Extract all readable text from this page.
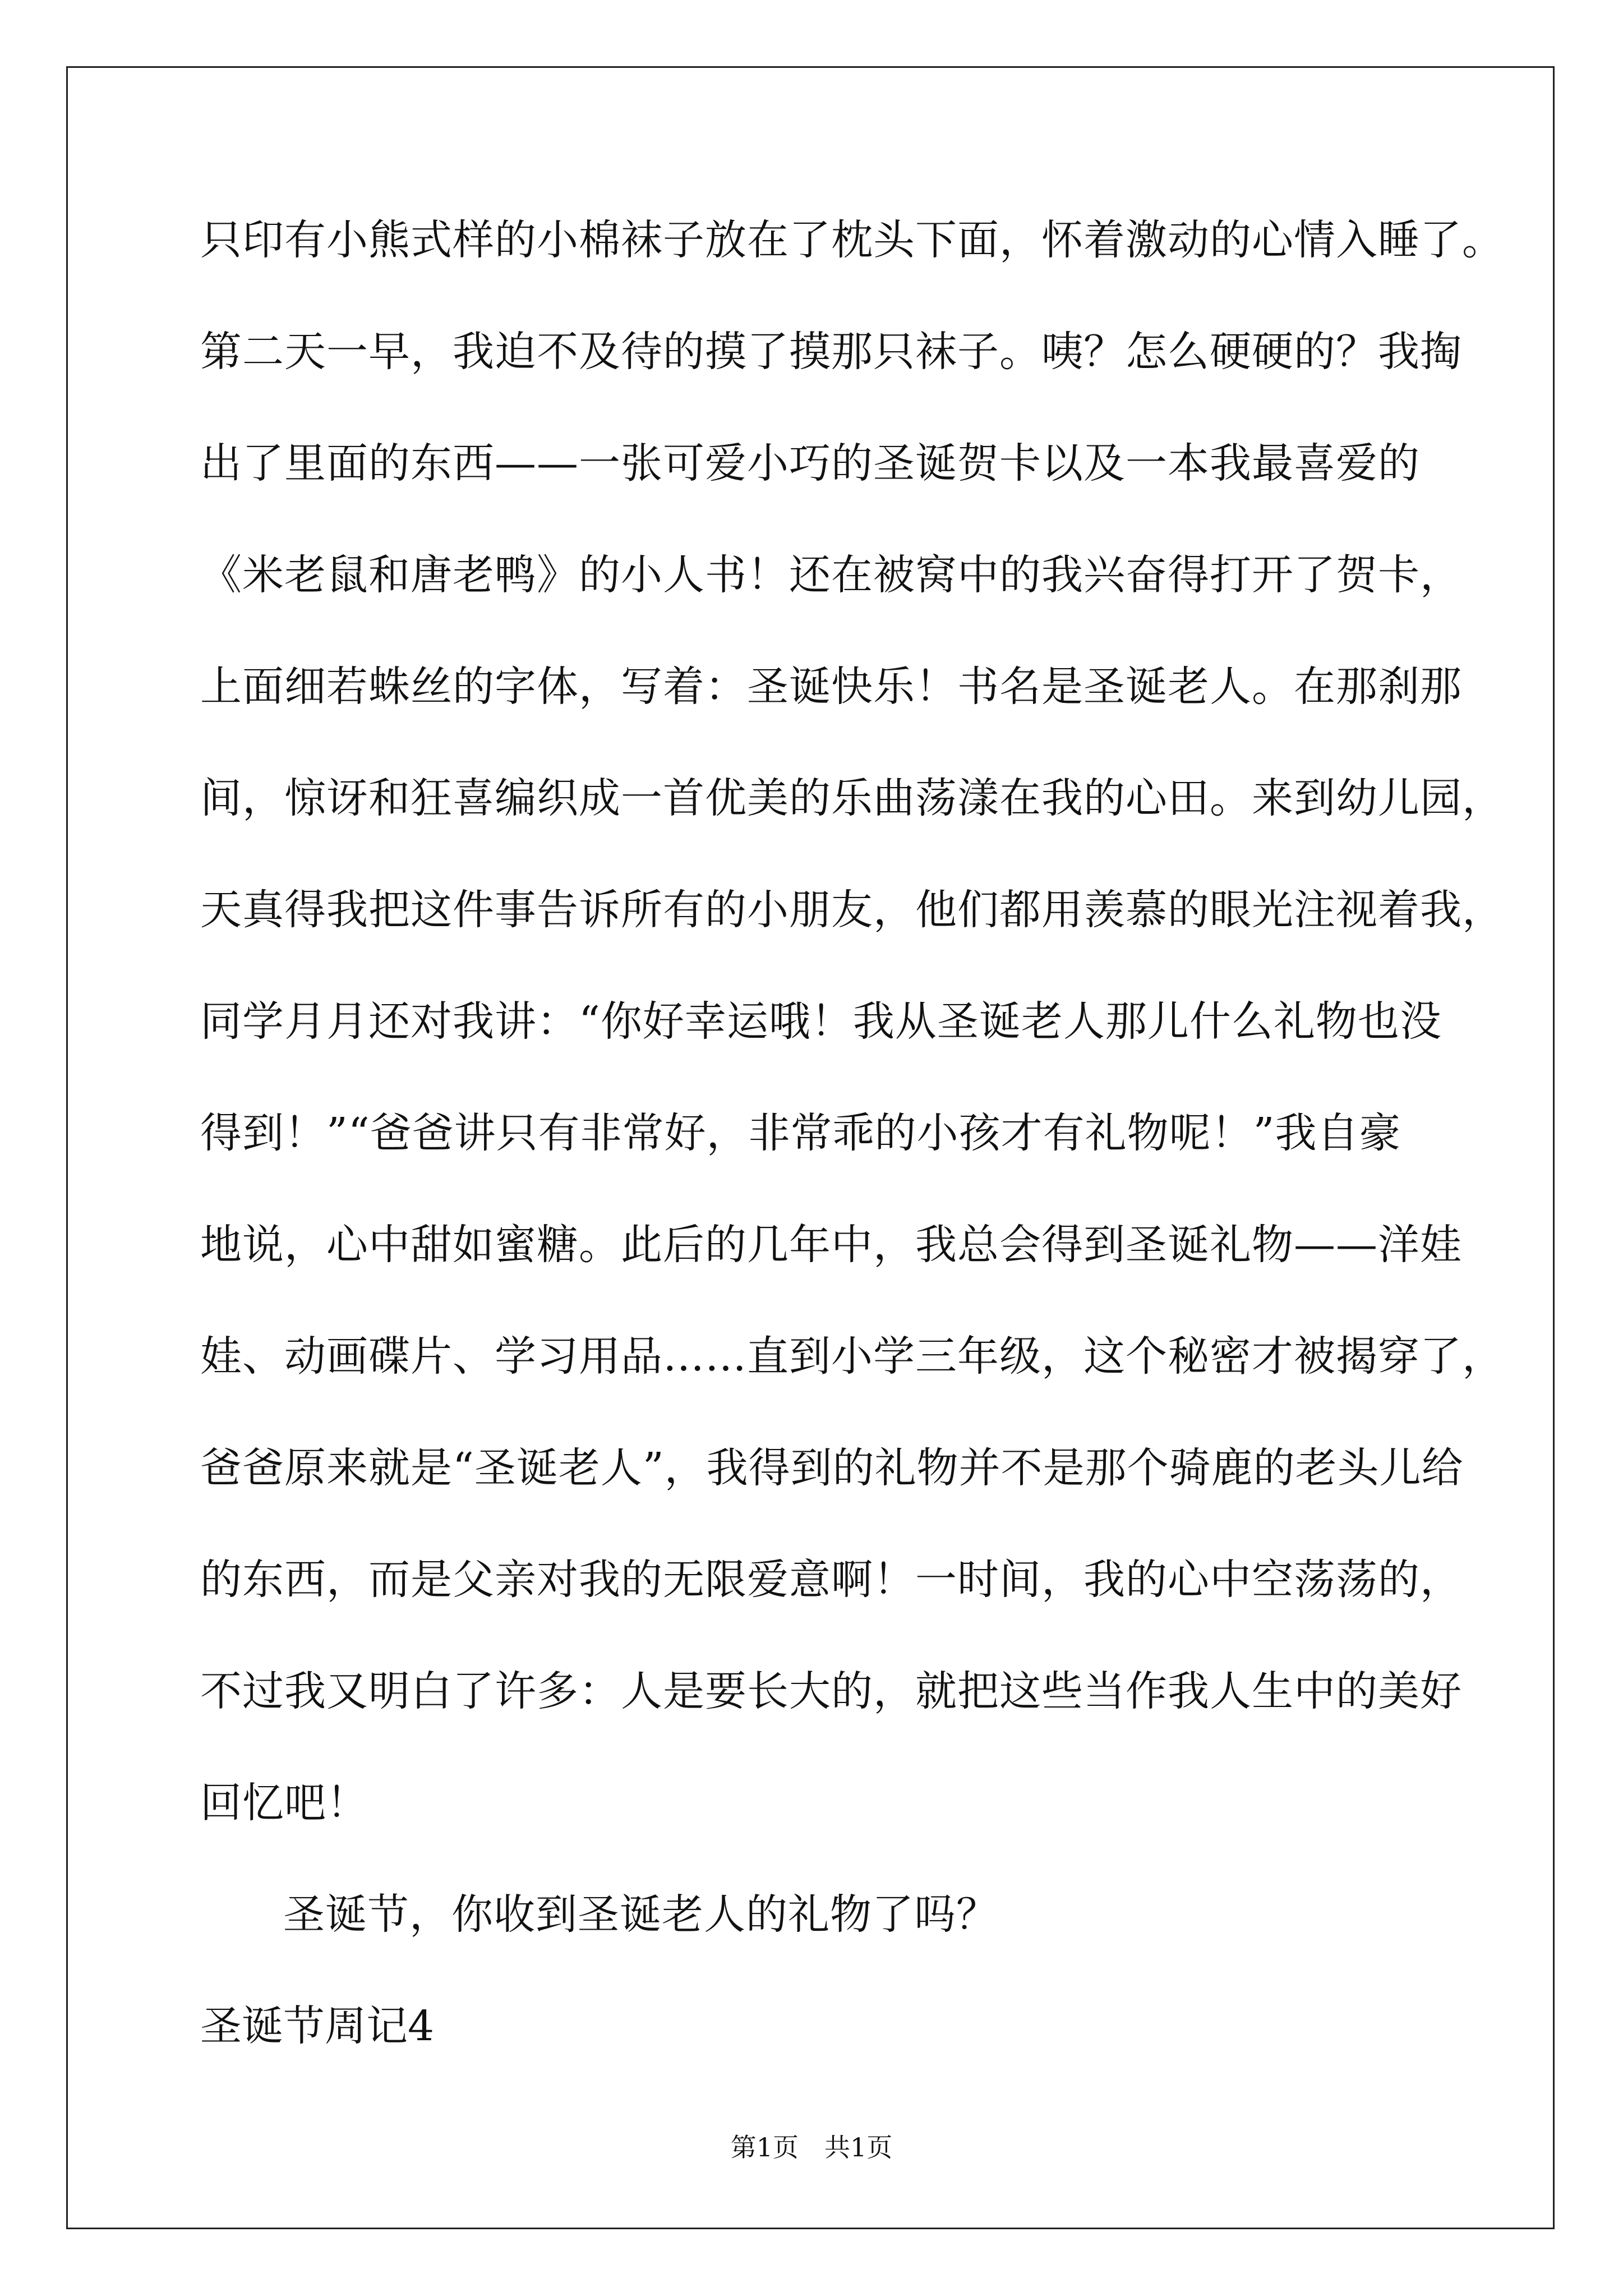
只印有小熊式样的小棉袜子放在了枕头下面，怀着激动的心情入睡了。
第二天一早，我迫不及待的摸了摸那只袜子。咦？怎么硬硬的？我掏
出了里面的东西——一张可爱小巧的圣诞贺卡以及一本我最喜爱的
《米老鼠和唐老鸭》的小人书！还在被窝中的我兴奋得打开了贺卡，
上面细若蛛丝的字体，写着：圣诞快乐！书名是圣诞老人。在那刹那
间，惊讶和狂喜编织成一首优美的乐曲荡漾在我的心田。来到幼儿园，
天真得我把这件事告诉所有的小朋友，他们都用羡慕的眼光注视着我，
同学月月还对我讲：“你好幸运哦！我从圣诞老人那儿什么礼物也没
得到！”“爸爸讲只有非常好，非常乖的小孩才有礼物呢！”我自豪
地说，心中甜如蜜糖。此后的几年中，我总会得到圣诞礼物——洋娃
娃、动画碟片、学习用品……直到小学三年级，这个秘密才被揭穿了，
爸爸原来就是“圣诞老人”，我得到的礼物并不是那个骑鹿的老头儿给
的东西，而是父亲对我的无限爱意啊！一时间，我的心中空荡荡的，
不过我又明白了许多：人是要长大的，就把这些当作我人生中的美好
回忆吧！
圣诞节，你收到圣诞老人的礼物了吗？
圣诞节周记4
第1页　共1页
